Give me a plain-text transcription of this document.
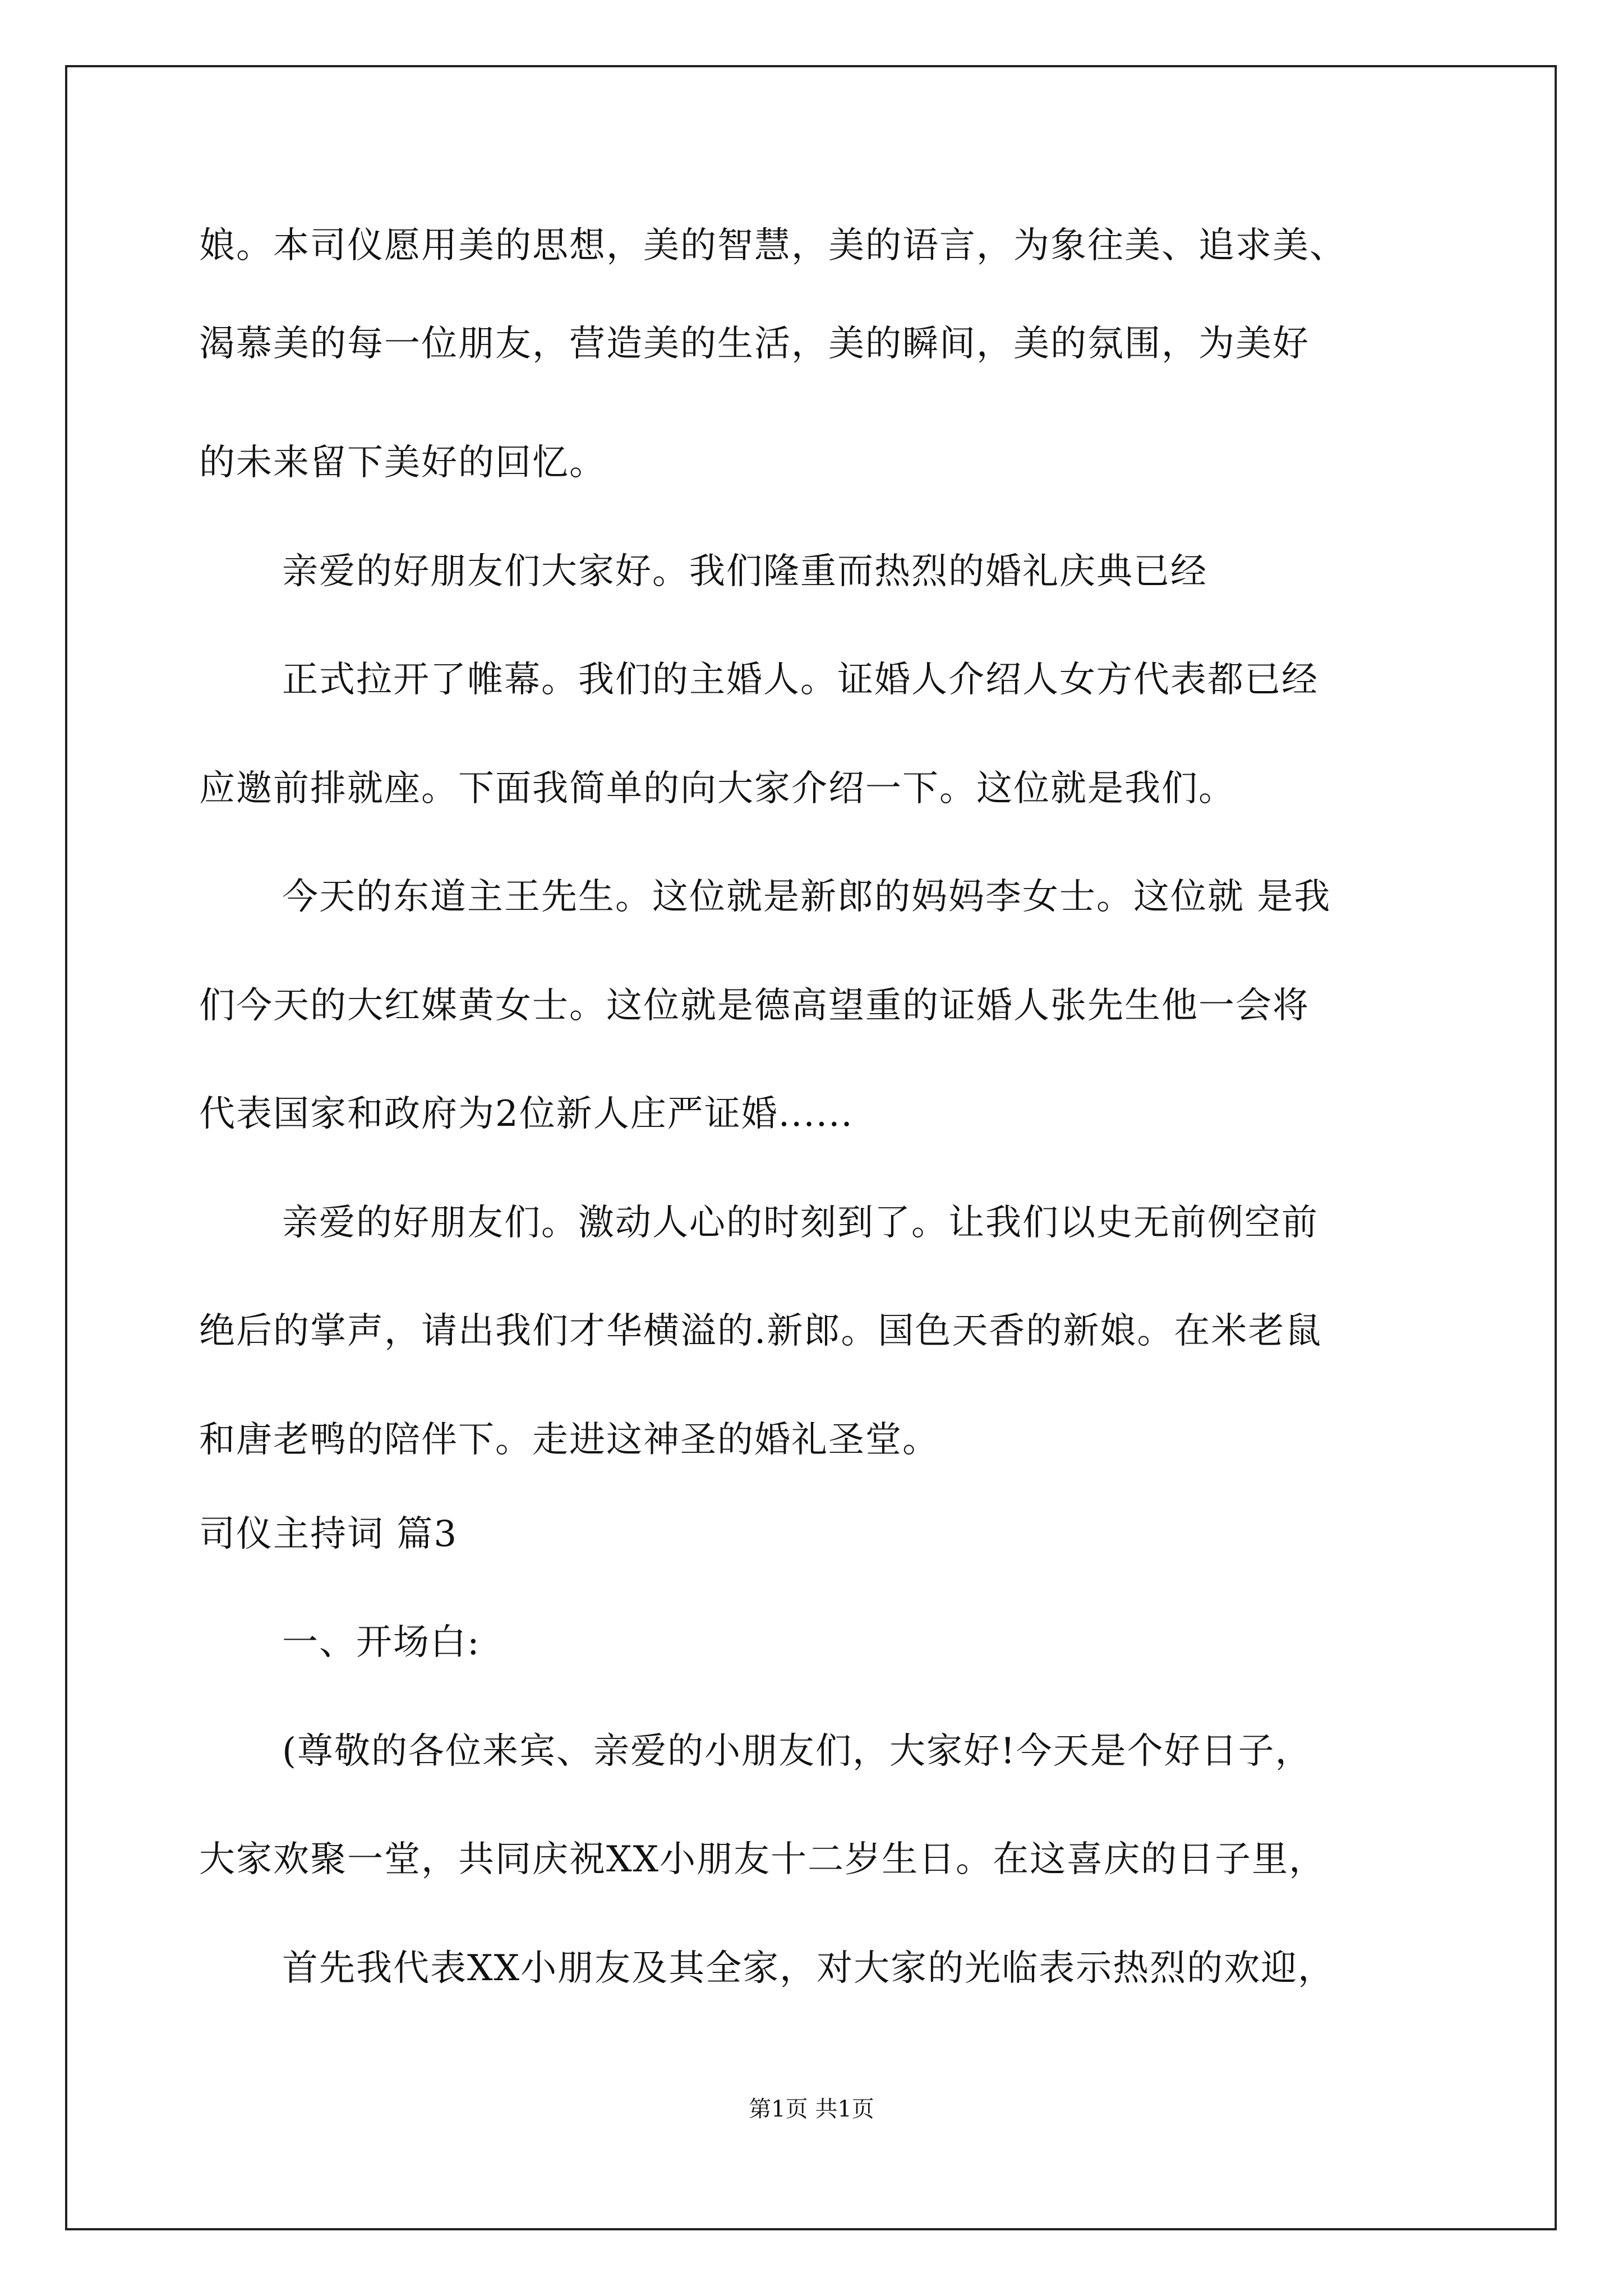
娘。本司仪愿用美的思想，美的智慧，美的语言，为象往美、追求美、
渴慕美的每一位朋友，营造美的生活，美的瞬间，美的氛围，为美好
的未来留下美好的回忆。
亲爱的好朋友们大家好。我们隆重而热烈的婚礼庆典已经
正式拉开了帷幕。我们的主婚人。证婚人介绍人女方代表都已经
应邀前排就座。下面我简单的向大家介绍一下。这位就是我们。
今天的东道主王先生。这位就是新郎的妈妈李女士。这位就 是我
们今天的大红媒黄女士。这位就是德高望重的证婚人张先生他一会将
代表国家和政府为2位新人庄严证婚......
亲爱的好朋友们。激动人心的时刻到了。让我们以史无前例空前
绝后的掌声，请出我们才华横溢的.新郎。国色天香的新娘。在米老鼠
和唐老鸭的陪伴下。走进这神圣的婚礼圣堂。
司仪主持词 篇3
一、开场白:
(尊敬的各位来宾、亲爱的小朋友们，大家好!今天是个好日子，
大家欢聚一堂，共同庆祝XX小朋友十二岁生日。在这喜庆的日子里，
首先我代表XX小朋友及其全家，对大家的光临表示热烈的欢迎，
第1页 共1页
